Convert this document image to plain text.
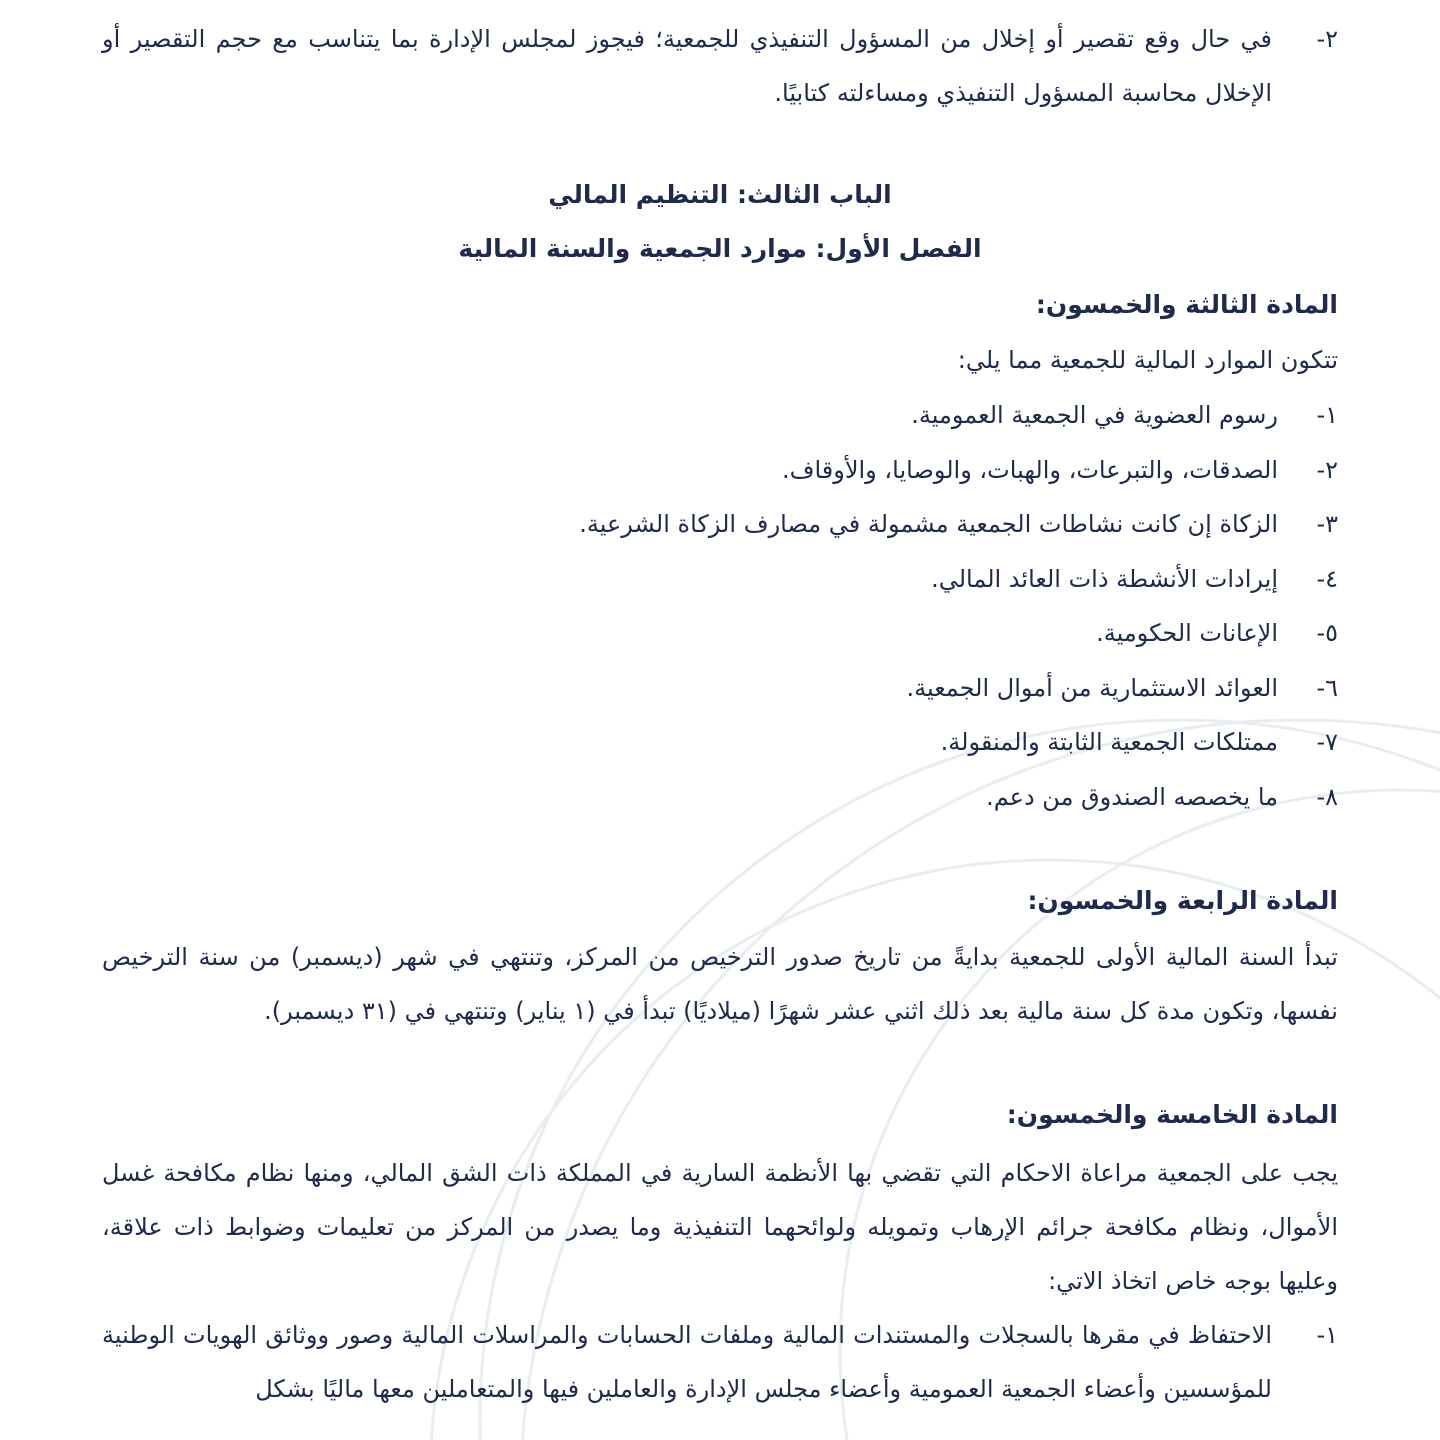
٢-
في حال وقع تقصير أو إخلال من المسؤول التنفيذي للجمعية؛ فيجوز لمجلس الإدارة بما يتناسب مع حجم التقصير أو الإخلال محاسبة المسؤول التنفيذي ومساءلته كتابيًا.
الباب الثالث: التنظيم المالي
الفصل الأول: موارد الجمعية والسنة المالية
المادة الثالثة والخمسون:

تتكون الموارد المالية للجمعية مما يلي:

١-
رسوم العضوية في الجمعية العمومية.
٢-
الصدقات، والتبرعات، والهبات، والوصايا، والأوقاف.
٣-
الزكاة إن كانت نشاطات الجمعية مشمولة في مصارف الزكاة الشرعية.
٤-
إيرادات الأنشطة ذات العائد المالي.
٥-
الإعانات الحكومية.
٦-
العوائد الاستثمارية من أموال الجمعية.
٧-
ممتلكات الجمعية الثابتة والمنقولة.
٨-
ما يخصصه الصندوق من دعم.
المادة الرابعة والخمسون:

تبدأ السنة المالية الأولى للجمعية بدايةً من تاريخ صدور الترخيص من المركز، وتنتهي في شهر (ديسمبر) من سنة الترخيص نفسها، وتكون مدة كل سنة مالية بعد ذلك اثني عشر شهرًا (ميلاديًا) تبدأ في (١ يناير) وتنتهي في (٣١ ديسمبر).

المادة الخامسة والخمسون:

يجب على الجمعية مراعاة الاحكام التي تقضي بها الأنظمة السارية في المملكة ذات الشق المالي، ومنها نظام مكافحة غسل الأموال، ونظام مكافحة جرائم الإرهاب وتمويله ولوائحهما التنفيذية وما يصدر من المركز من تعليمات وضوابط ذات علاقة، وعليها بوجه خاص اتخاذ الاتي:

١-
الاحتفاظ في مقرها بالسجلات والمستندات المالية وملفات الحسابات والمراسلات المالية وصور ووثائق الهويات الوطنية للمؤسسين وأعضاء الجمعية العمومية وأعضاء مجلس الإدارة والعاملين فيها والمتعاملين معها ماليًا بشكل
